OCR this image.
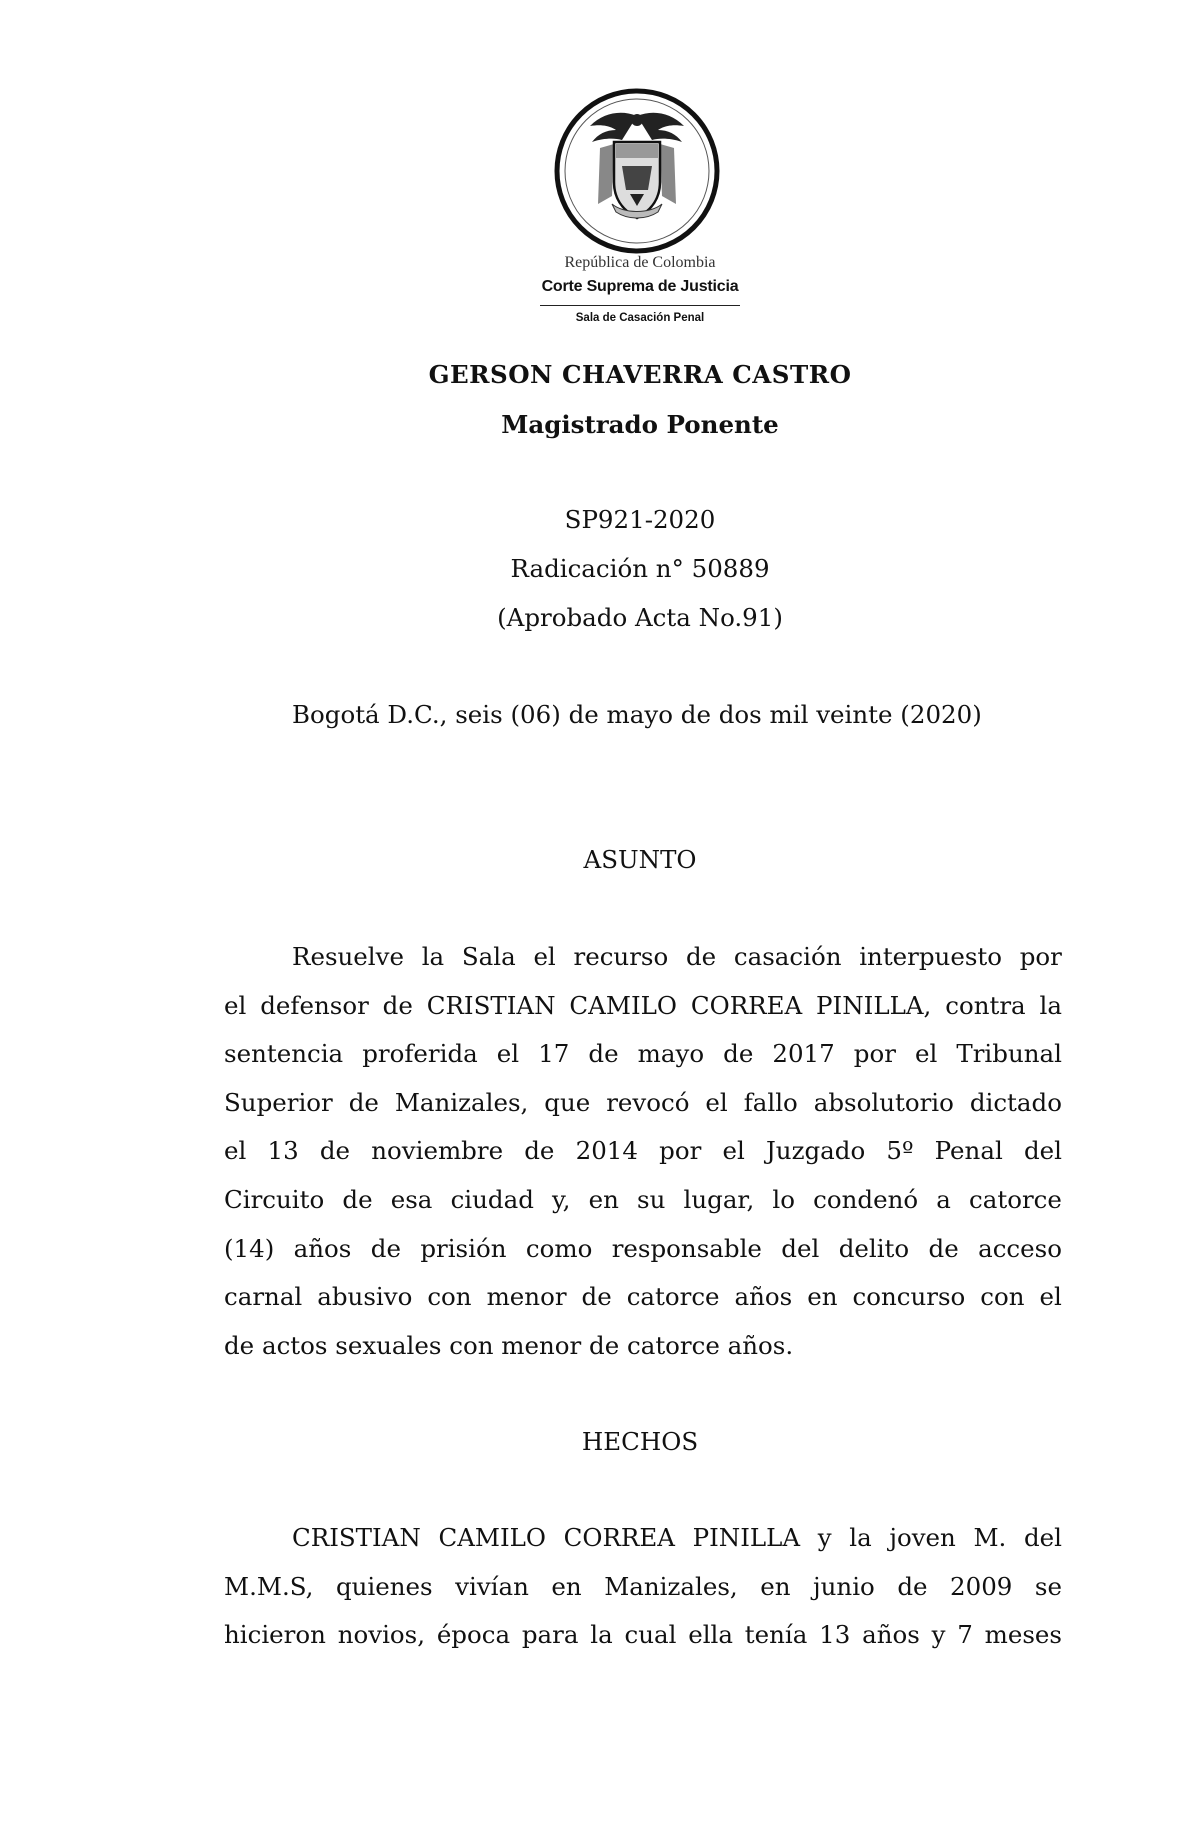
República de Colombia
Corte Suprema de Justicia
Sala de Casación Penal
GERSON CHAVERRA CASTRO
Magistrado Ponente
SP921-2020
Radicación n° 50889
(Aprobado Acta No.91)
Bogotá D.C., seis (06) de mayo de dos mil veinte (2020)
ASUNTO
Resuelve la Sala el recurso de casación interpuesto por
el defensor de CRISTIAN CAMILO CORREA PINILLA, contra la
sentencia proferida el 17 de mayo de 2017 por el Tribunal
Superior de Manizales, que revocó el fallo absolutorio dictado
el 13 de noviembre de 2014 por el Juzgado 5º Penal del
Circuito de esa ciudad y, en su lugar, lo condenó a catorce
(14) años de prisión como responsable del delito de acceso
carnal abusivo con menor de catorce años en concurso con el
de actos sexuales con menor de catorce años.
HECHOS
CRISTIAN CAMILO CORREA PINILLA y la joven M. del
M.M.S, quienes vivían en Manizales, en junio de 2009 se
hicieron novios, época para la cual ella tenía 13 años y 7 meses
